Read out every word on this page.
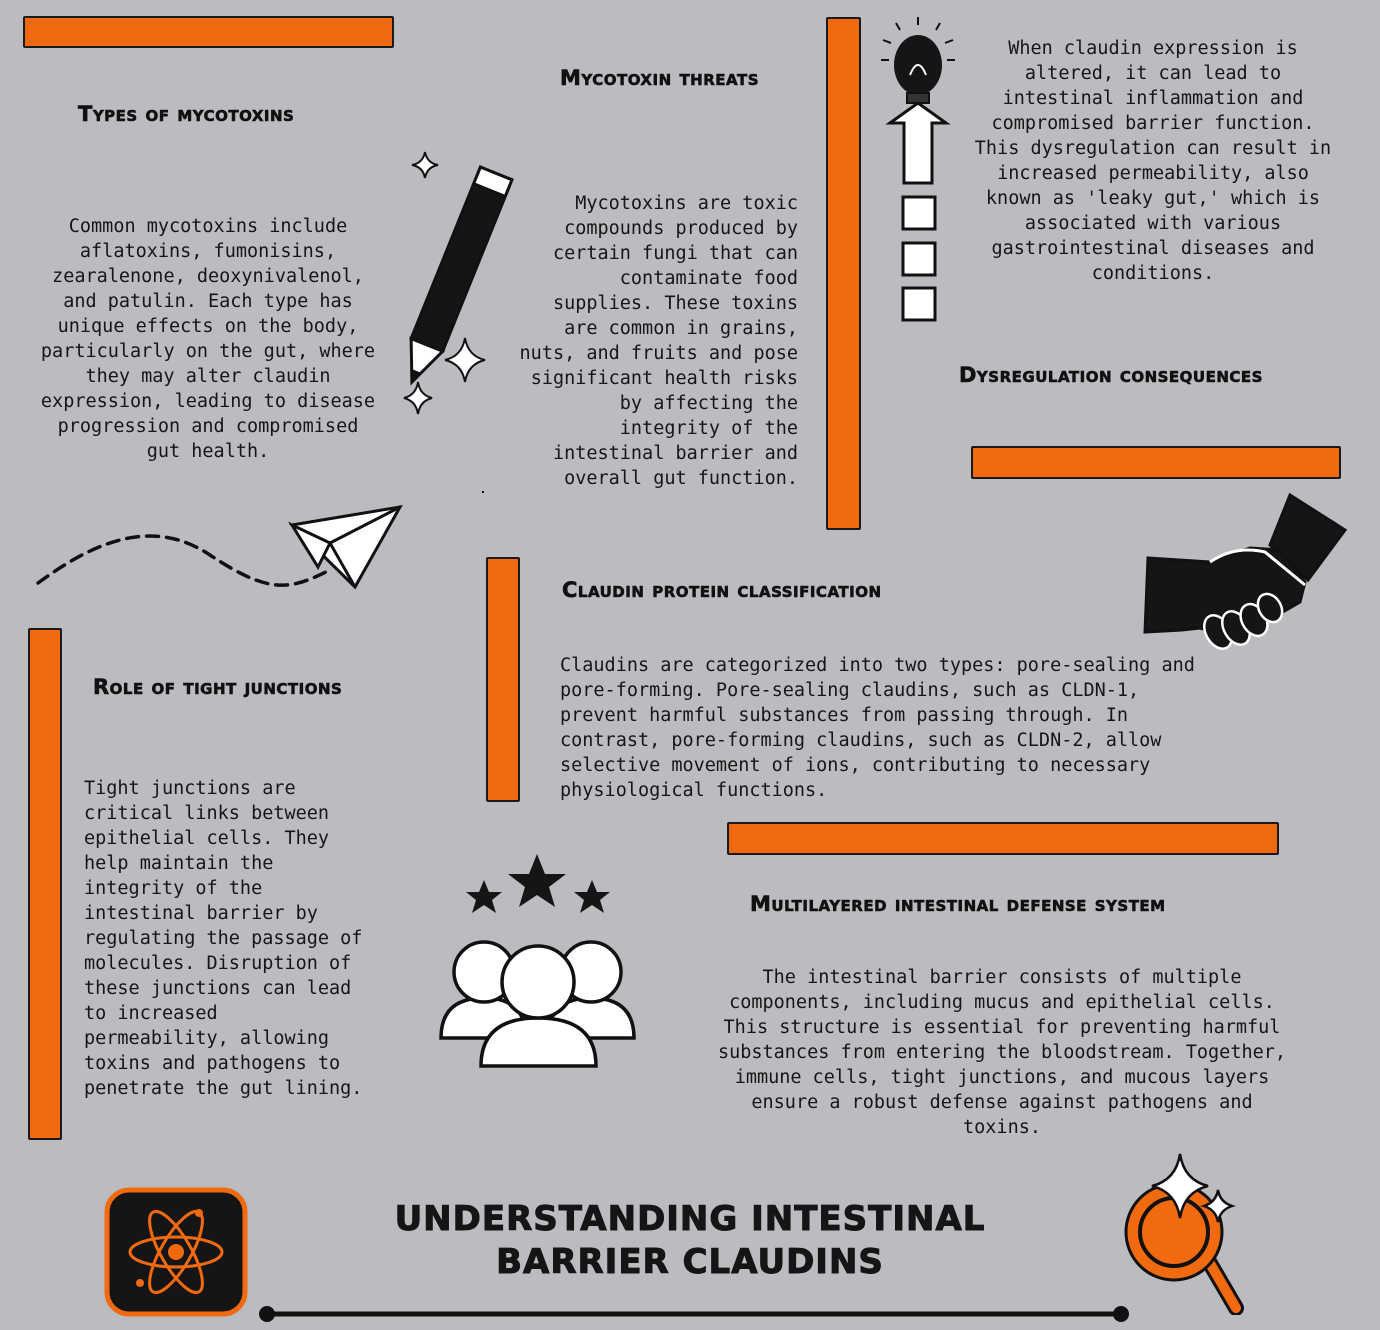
Types of mycotoxins

Common mycotoxins include aflatoxins, fumonisins, zearalenone, deoxynivalenol, and patulin. Each type has unique effects on the body, particularly on the gut, where they may alter claudin expression, leading to disease progression and compromised gut health.

Mycotoxin threats

Mycotoxins are toxic compounds produced by certain fungi that can contaminate food supplies. These toxins are common in grains, nuts, and fruits and pose significant health risks by affecting the integrity of the intestinal barrier and overall gut function.

When claudin expression is altered, it can lead to intestinal inflammation and compromised barrier function. This dysregulation can result in increased permeability, also known as 'leaky gut,' which is associated with various gastrointestinal diseases and conditions.

Dysregulation consequences
Claudin protein classification

Claudins are categorized into two types: pore-sealing and pore-forming. Pore-sealing claudins, such as CLDN-1, prevent harmful substances from passing through. In contrast, pore-forming claudins, such as CLDN-2, allow selective movement of ions, contributing to necessary physiological functions.

Role of tight junctions

Tight junctions are critical links between epithelial cells. They help maintain the integrity of the intestinal barrier by regulating the passage of molecules. Disruption of these junctions can lead to increased permeability, allowing toxins and pathogens to penetrate the gut lining.

Multilayered intestinal defense system

The intestinal barrier consists of multiple components, including mucus and epithelial cells. This structure is essential for preventing harmful substances from entering the bloodstream. Together, immune cells, tight junctions, and mucous layers ensure a robust defense against pathogens and toxins.

UNDERSTANDING INTESTINAL BARRIER CLAUDINS
